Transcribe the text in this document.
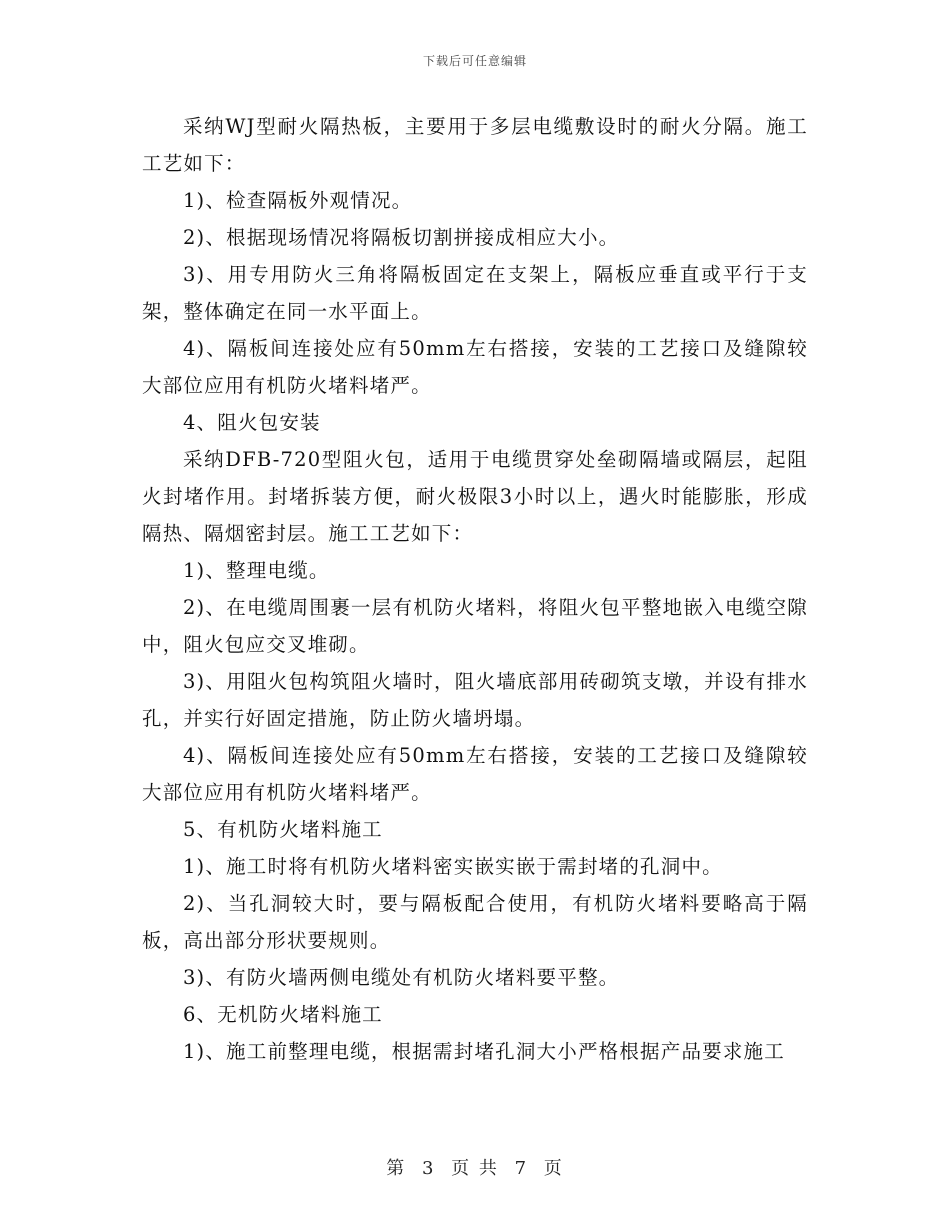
下载后可任意编辑

采纳WJ型耐火隔热板，主要用于多层电缆敷设时的耐火分隔。施工工艺如下：

1)、检查隔板外观情况。

2)、根据现场情况将隔板切割拼接成相应大小。

3)、用专用防火三角将隔板固定在支架上，隔板应垂直或平行于支架，整体确定在同一水平面上。

4)、隔板间连接处应有50mm左右搭接，安装的工艺接口及缝隙较大部位应用有机防火堵料堵严。

4、阻火包安装

采纳DFB-720型阻火包，适用于电缆贯穿处垒砌隔墙或隔层，起阻火封堵作用。封堵拆装方便，耐火极限3小时以上，遇火时能膨胀，形成隔热、隔烟密封层。施工工艺如下：

1)、整理电缆。

2)、在电缆周围裹一层有机防火堵料，将阻火包平整地嵌入电缆空隙中，阻火包应交叉堆砌。

3)、用阻火包构筑阻火墙时，阻火墙底部用砖砌筑支墩，并设有排水孔，并实行好固定措施，防止防火墙坍塌。

4)、隔板间连接处应有50mm左右搭接，安装的工艺接口及缝隙较大部位应用有机防火堵料堵严。

5、有机防火堵料施工

1)、施工时将有机防火堵料密实嵌实嵌于需封堵的孔洞中。

2)、当孔洞较大时，要与隔板配合使用，有机防火堵料要略高于隔板，高出部分形状要规则。

3)、有防火墙两侧电缆处有机防火堵料要平整。

6、无机防火堵料施工

1)、施工前整理电缆，根据需封堵孔洞大小严格根据产品要求施工

第 3 页 共 7 页
